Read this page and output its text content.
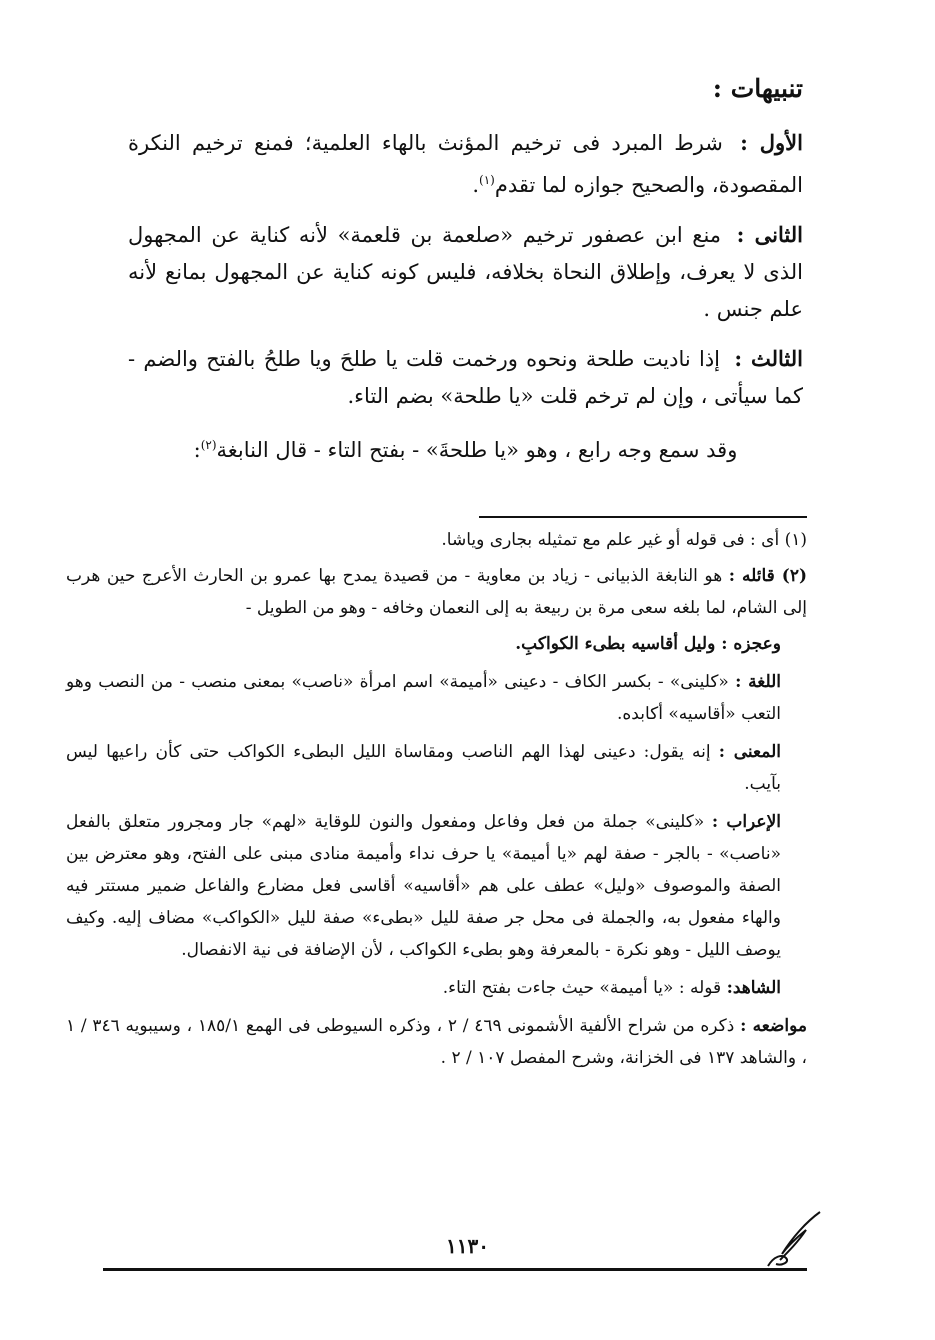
تنبيهات :

الأول : شرط المبرد فى ترخيم المؤنث بالهاء العلمية؛ فمنع ترخيم النكرة المقصودة، والصحيح جوازه لما تقدم$^{(١)}$.

الثانى : منع ابن عصفور ترخيم «صلعمة بن قلعمة» لأنه كناية عن المجهول الذى لا يعرف، وإطلاق النحاة بخلافه، فليس كونه كناية عن المجهول بمانع لأنه علم جنس .

الثالث : إذا ناديت طلحة ونحوه ورخمت قلت يا طلحَ ويا طلحُ بالفتح والضم - كما سيأتى ، وإن لم ترخم قلت «يا طلحة» بضم التاء.

وقد سمع وجه رابع ، وهو «يا طلحةَ» - بفتح التاء - قال النابغة$^{(٢)}$:

(١) أى : فى قوله أو غير علم مع تمثيله بجارى وياشا.

(٢) قائله : هو النابغة الذبيانى - زياد بن معاوية - من قصيدة يمدح بها عمرو بن الحارث الأعرج حين هرب إلى الشام، لما بلغه سعى مرة بن ربيعة به إلى النعمان وخافه - وهو من الطويل -

وعجزه : وليل أقاسيه بطىء الكواكبِ.

اللغة : «كلينى» - بكسر الكاف - دعينى «أميمة» اسم امرأة «ناصب» بمعنى منصب - من النصب وهو التعب «أقاسيه» أكابده.

المعنى : إنه يقول: دعينى لهذا الهم الناصب ومقاساة الليل البطىء الكواكب حتى كأن راعيها ليس بآيب.

الإعراب : «كلينى» جملة من فعل وفاعل ومفعول والنون للوقاية «لهم» جار ومجرور متعلق بالفعل «ناصب» - بالجر - صفة لهم «يا أميمة» يا حرف نداء وأميمة منادى مبنى على الفتح، وهو معترض بين الصفة والموصوف «وليل» عطف على هم «أقاسيه» أقاسى فعل مضارع والفاعل ضمير مستتر فيه والهاء مفعول به، والجملة فى محل جر صفة لليل «بطىء» صفة لليل «الكواكب» مضاف إليه. وكيف يوصف الليل - وهو نكرة - بالمعرفة وهو بطىء الكواكب ، لأن الإضافة فى نية الانفصال.

الشاهد: قوله : «يا أميمة» حيث جاءت بفتح التاء.

مواضعه : ذكره من شراح الألفية الأشمونى ٤٦٩ / ٢ ، وذكره السيوطى فى الهمع ١٨٥/١ ، وسيبويه ٣٤٦ / ١ ، والشاهد ١٣٧ فى الخزانة، وشرح المفصل ١٠٧ / ٢ .

١١٣٠
